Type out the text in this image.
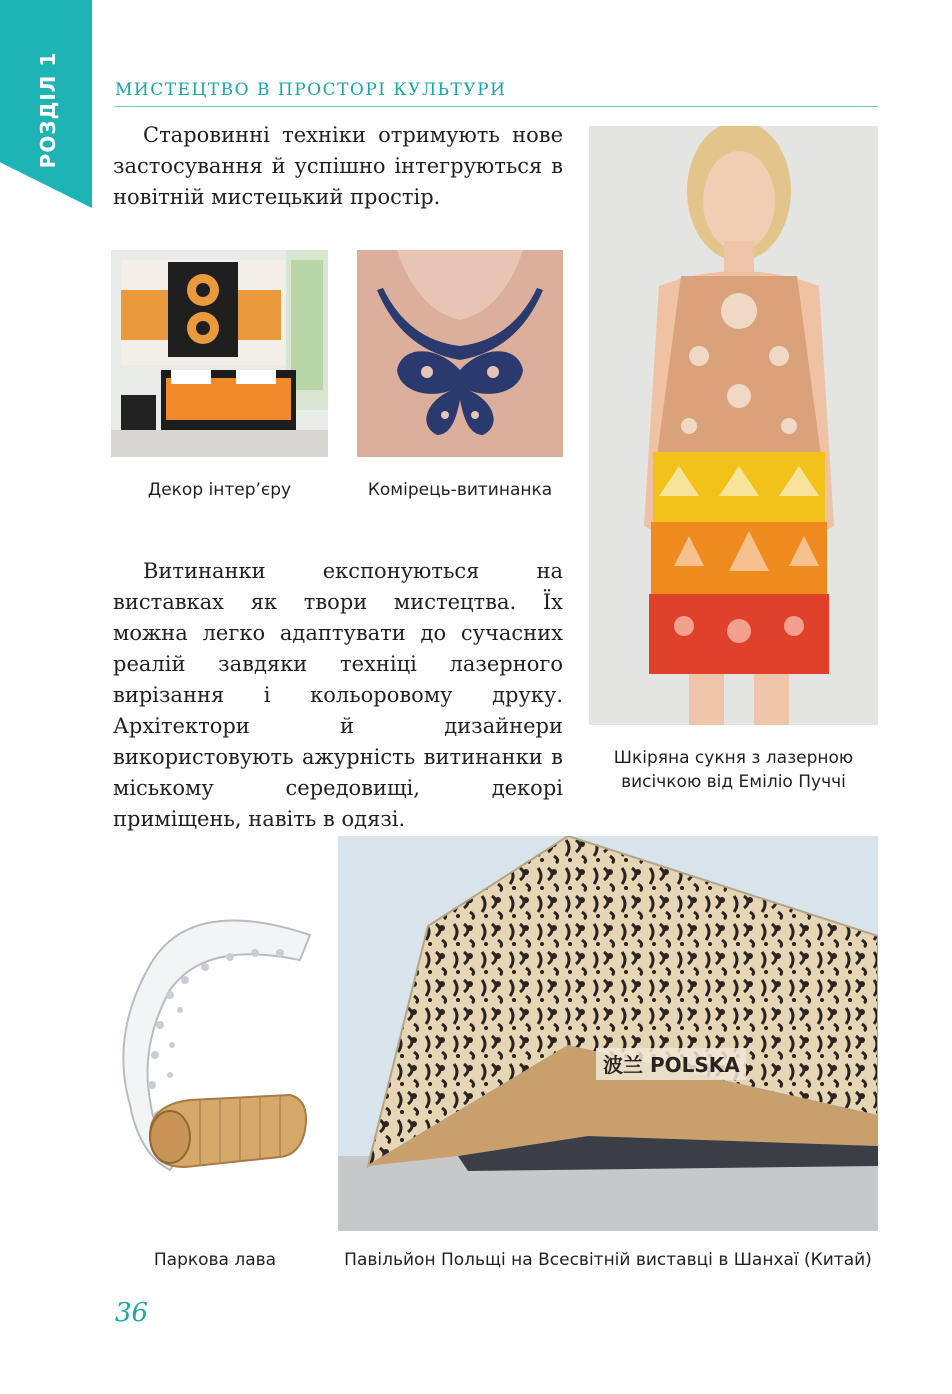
РОЗДІЛ 1	МИСТЕЦТВО В ПРОСТОРІ КУЛЬТУРИ

Старовинні техніки отримують нове застосування й успішно інтегруються в новітній мистецький простір.

Декор інтер’єру	Комірець-витинанка
Шкіряна сукня з лазерною висічкою від Еміліо Пуччі

Витинанки експонуються на виставках як твори мистецтва. Їх можна легко адаптувати до сучасних реалій завдяки техніці лазерного вирізання і кольоровому друку. Архітектори й дизайнери використовують ажурність витинанки в міському середовищі, декорі приміщень, навіть в одязі.

波兰 POLSKA
Паркова лава	Павільйон Польщі на Всесвітній виставці в Шанхаї (Китай)
36
